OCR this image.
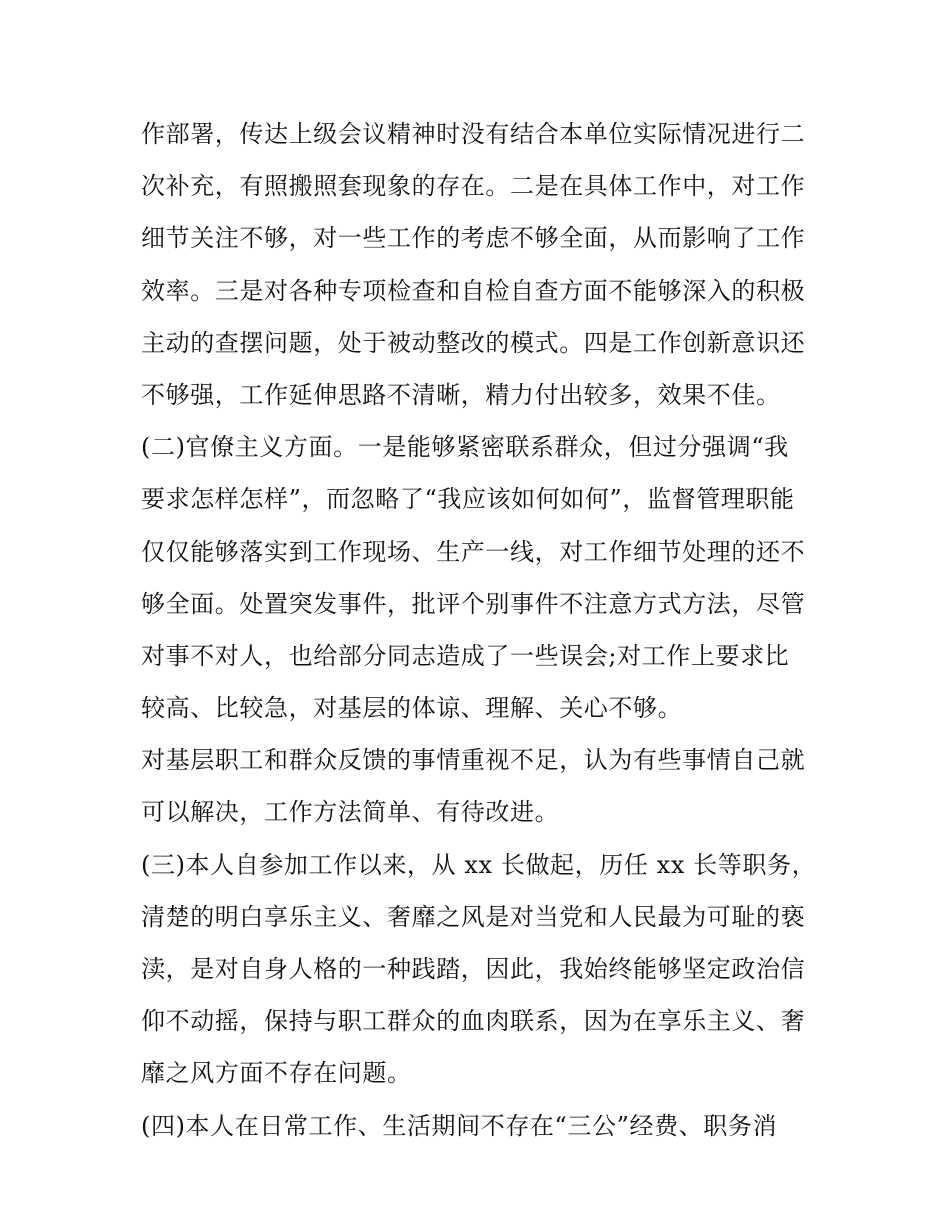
作部署，传达上级会议精神时没有结合本单位实际情况进行二
次补充，有照搬照套现象的存在。二是在具体工作中，对工作
细节关注不够，对一些工作的考虑不够全面，从而影响了工作
效率。三是对各种专项检查和自检自查方面不能够深入的积极
主动的查摆问题，处于被动整改的模式。四是工作创新意识还
不够强，工作延伸思路不清晰，精力付出较多，效果不佳。
(二)官僚主义方面。一是能够紧密联系群众，但过分强调“我
要求怎样怎样”，而忽略了“我应该如何如何”，监督管理职能
仅仅能够落实到工作现场、生产一线，对工作细节处理的还不
够全面。处置突发事件，批评个别事件不注意方式方法，尽管
对事不对人，也给部分同志造成了一些误会;对工作上要求比
较高、比较急，对基层的体谅、理解、关心不够。
对基层职工和群众反馈的事情重视不足，认为有些事情自己就
可以解决，工作方法简单、有待改进。
(三)本人自参加工作以来，从 xx 长做起，历任 xx 长等职务，
清楚的明白享乐主义、奢靡之风是对当党和人民最为可耻的亵
渎，是对自身人格的一种践踏，因此，我始终能够坚定政治信
仰不动摇，保持与职工群众的血肉联系，因为在享乐主义、奢
靡之风方面不存在问题。
(四)本人在日常工作、生活期间不存在“三公”经费、职务消
